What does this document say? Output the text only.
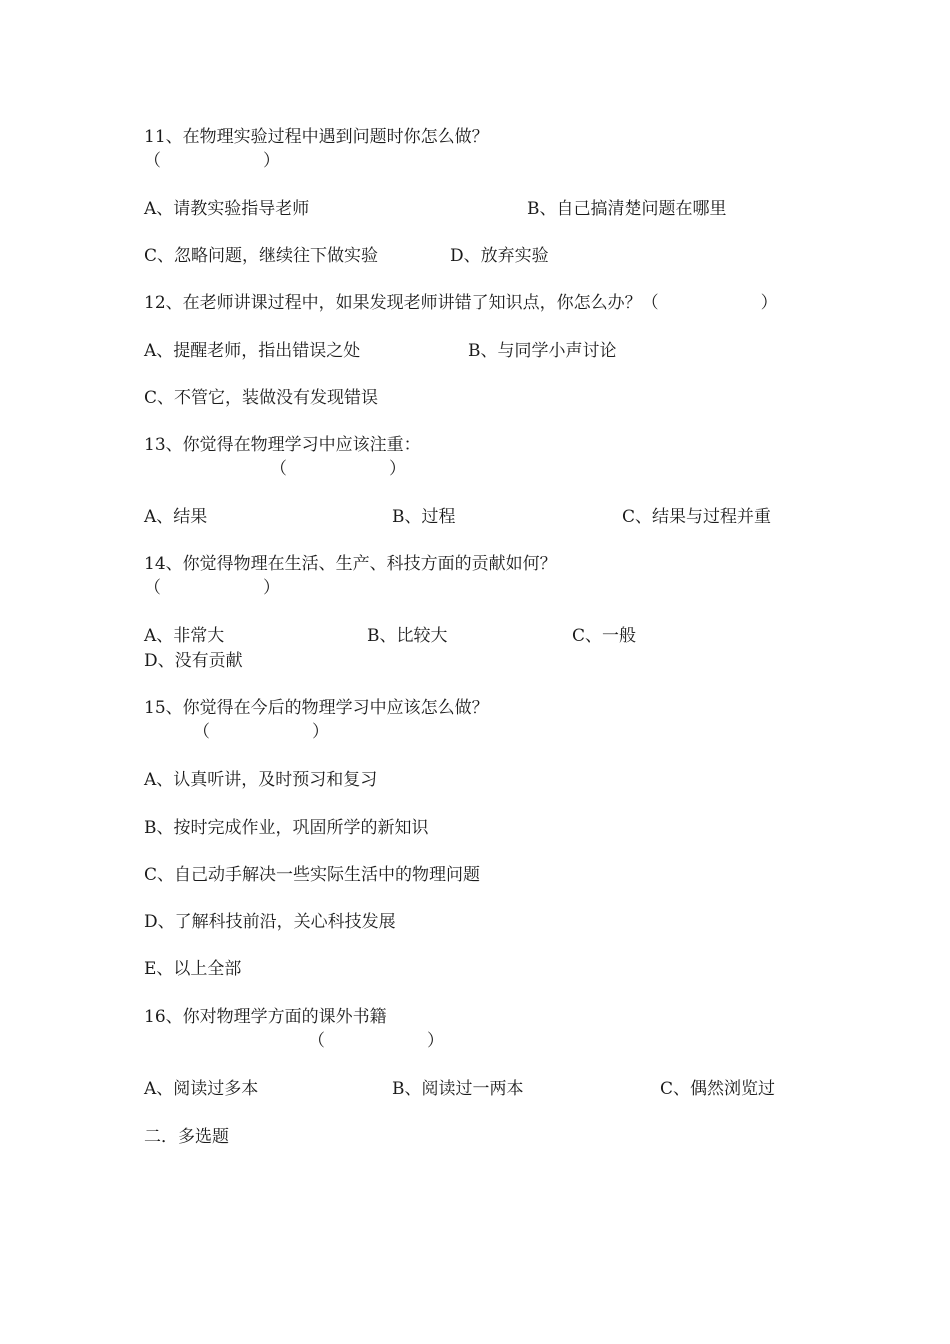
11、在物理实验过程中遇到问题时你怎么做？
（　　　　　　）
A、请教实验指导老师	B、自己搞清楚问题在哪里
C、忽略问题，继续往下做实验	D、放弃实验
12、在老师讲课过程中，如果发现老师讲错了知识点，你怎么办？（　　　　　　）
A、提醒老师，指出错误之处	B、与同学小声讨论
C、不管它，装做没有发现错误
13、你觉得在物理学习中应该注重：
（　　　　　　）
A、结果	B、过程	C、结果与过程并重
14、你觉得物理在生活、生产、科技方面的贡献如何？
（　　　　　　）
A、非常大	B、比较大	C、一般
D、没有贡献
15、你觉得在今后的物理学习中应该怎么做？
（　　　　　　）
A、认真听讲，及时预习和复习
B、按时完成作业，巩固所学的新知识
C、自己动手解决一些实际生活中的物理问题
D、了解科技前沿，关心科技发展
E、以上全部
16、你对物理学方面的课外书籍
（　　　　　　）
A、阅读过多本	B、阅读过一两本	C、偶然浏览过
二．多选题
